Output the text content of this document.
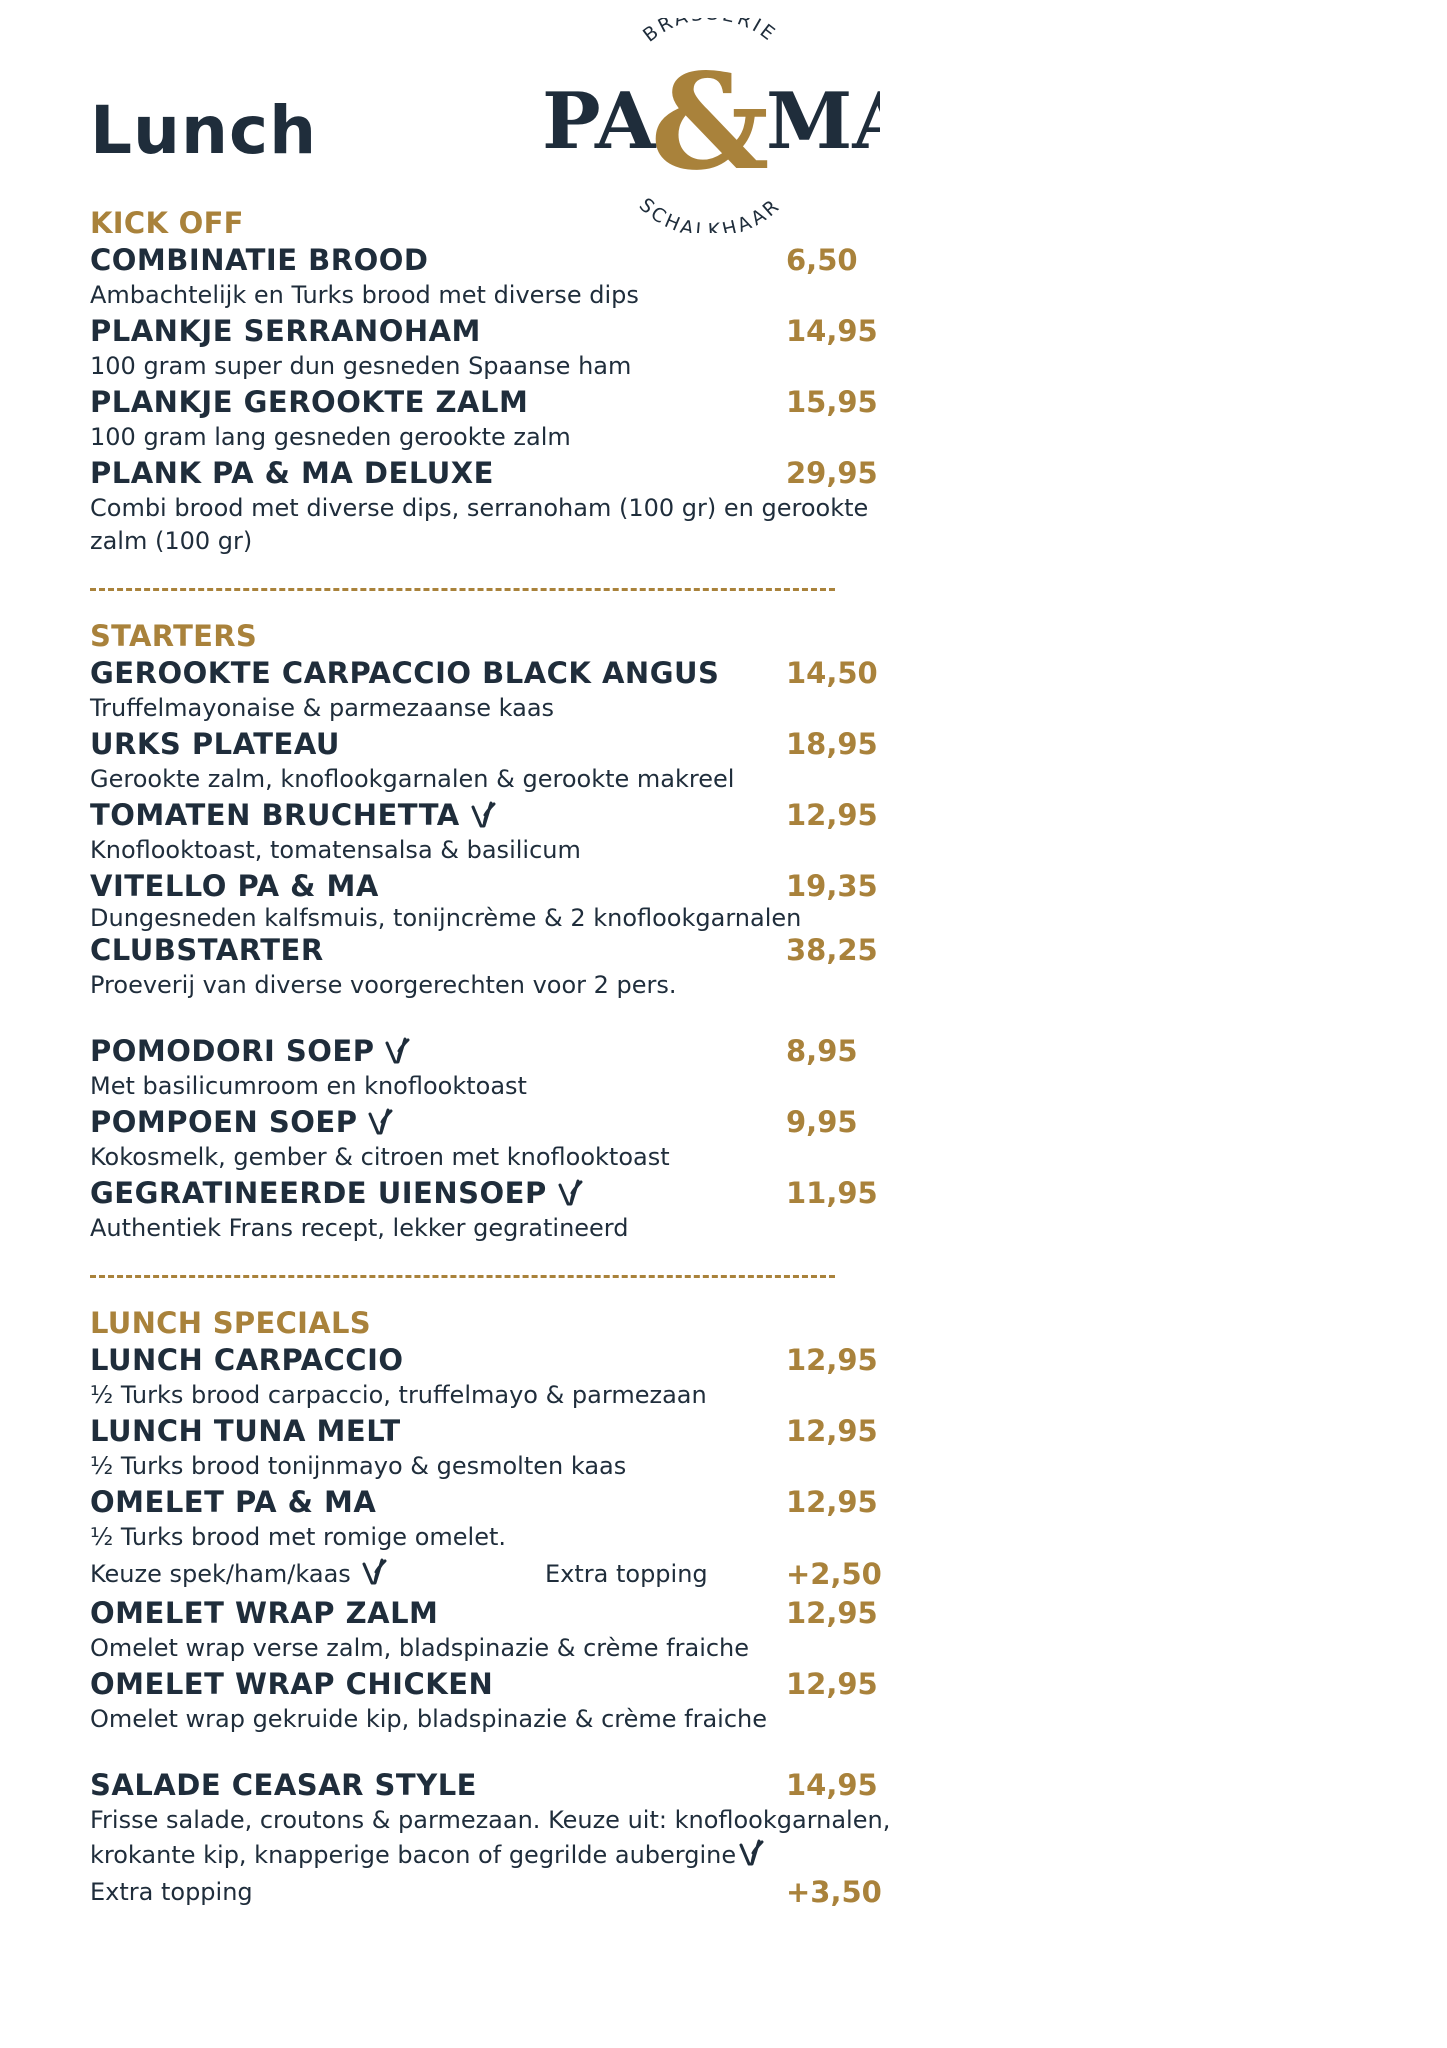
Lunch
BR RIE
PA
&
M
SCHALKHAAR
KICK OFF
COMBINATIE BROOD	6,50
Ambachtelijk en Turks brood met diverse dips
PLANKJE SERRANOHAM	14,95
100 gram super dun gesneden Spaanse ham
PLANKJE GEROOKTE ZALM	15,95
100 gram lang gesneden gerookte zalm
PLANK PA & MA DELUXE	29,95
Combi brood met diverse dips, serranoham (100 gr) en gerookte zalm (100 gr)
STARTERS
GEROOKTE CARPACCIO BLACK ANGUS 14,50
Truffelmayonaise & parmezaanse kaas
URKS PLATEAU	18,95
Gerookte zalm, knoflookgarnalen & gerookte makreel
TOMATEN BRUCHETTA	12,95
Knoflooktoast, tomatensalsa & basilicum
VITELLO PA & MA	19,35
Dungesneden kalfsmuis, tonijncrème & 2 knoflookgarnalen
CLUBSTARTER	38,25
Proeverij van diverse voorgerechten voor 2 pers.
POMODORI SOEP	8,95
Met basilicumroom en knoflooktoast
POMPOEN SOEP	9,95
Kokosmelk, gember & citroen met knoflooktoast
GEGRATINEERDE UIENSOEP	11,95
Authentiek Frans recept, lekker gegratineerd
LUNCH SPECIALS
LUNCH CARPACCIO	12,95
½ Turks brood carpaccio, truffelmayo & parmezaan
LUNCH TUNA MELT	12,95
½ Turks brood tonijnmayo & gesmolten kaas
OMELET PA & MA	12,95
½ Turks brood met romige omelet.
Keuze spek/ham/kaas	Extra topping	+2,50
OMELET WRAP ZALM	12,95
Omelet wrap verse zalm, bladspinazie & crème fraiche
OMELET WRAP CHICKEN	12,95
Omelet wrap gekruide kip, bladspinazie & crème fraiche
SALADE CEASAR STYLE	14,95
Frisse salade, croutons & parmezaan. Keuze uit: knoflookgarnalen,
krokante kip, knapperige bacon of gegrilde aubergine
Extra topping	+3,50
